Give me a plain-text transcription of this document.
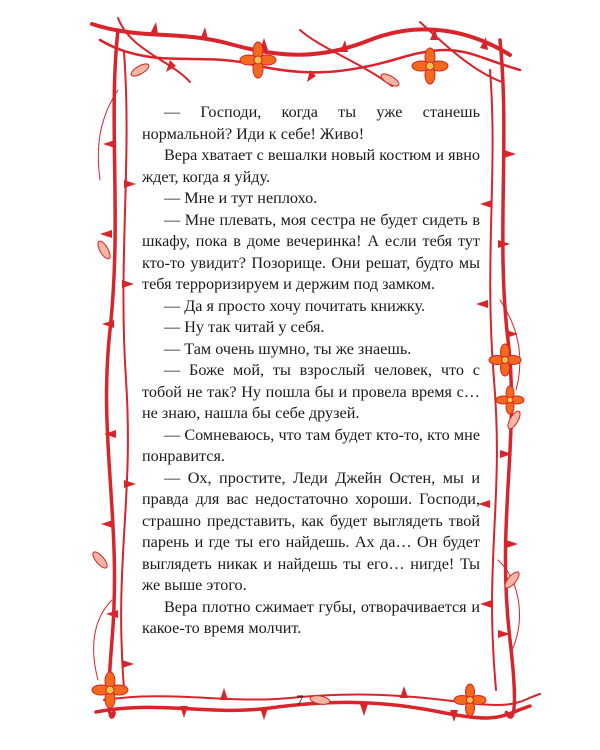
— Господи, когда ты уже станешь нормальной? Иди к себе! Живо!

Вера хватает с вешалки новый костюм и явно ждет, когда я уйду.

— Мне и тут неплохо.

— Мне плевать, моя сестра не будет сидеть в шкафу, пока в доме вечеринка! А если тебя тут кто-то увидит? Позорище. Они решат, будто мы тебя терроризируем и держим под замком.

— Да я просто хочу почитать книжку.

— Ну так читай у себя.

— Там очень шумно, ты же знаешь.

— Боже мой, ты взрослый человек, что с тобой не так? Ну пошла бы и провела время с… не знаю, нашла бы себе друзей.

— Сомневаюсь, что там будет кто-то, кто мне понравится.

— Ох, простите, Леди Джейн Остен, мы и правда для вас недостаточно хороши. Господи, страшно представить, как будет выглядеть твой парень и где ты его найдешь. Ах да… Он будет выглядеть никак и найдешь ты его… нигде! Ты же выше этого.

Вера плотно сжимает губы, отворачивается и какое-то время молчит.

7
